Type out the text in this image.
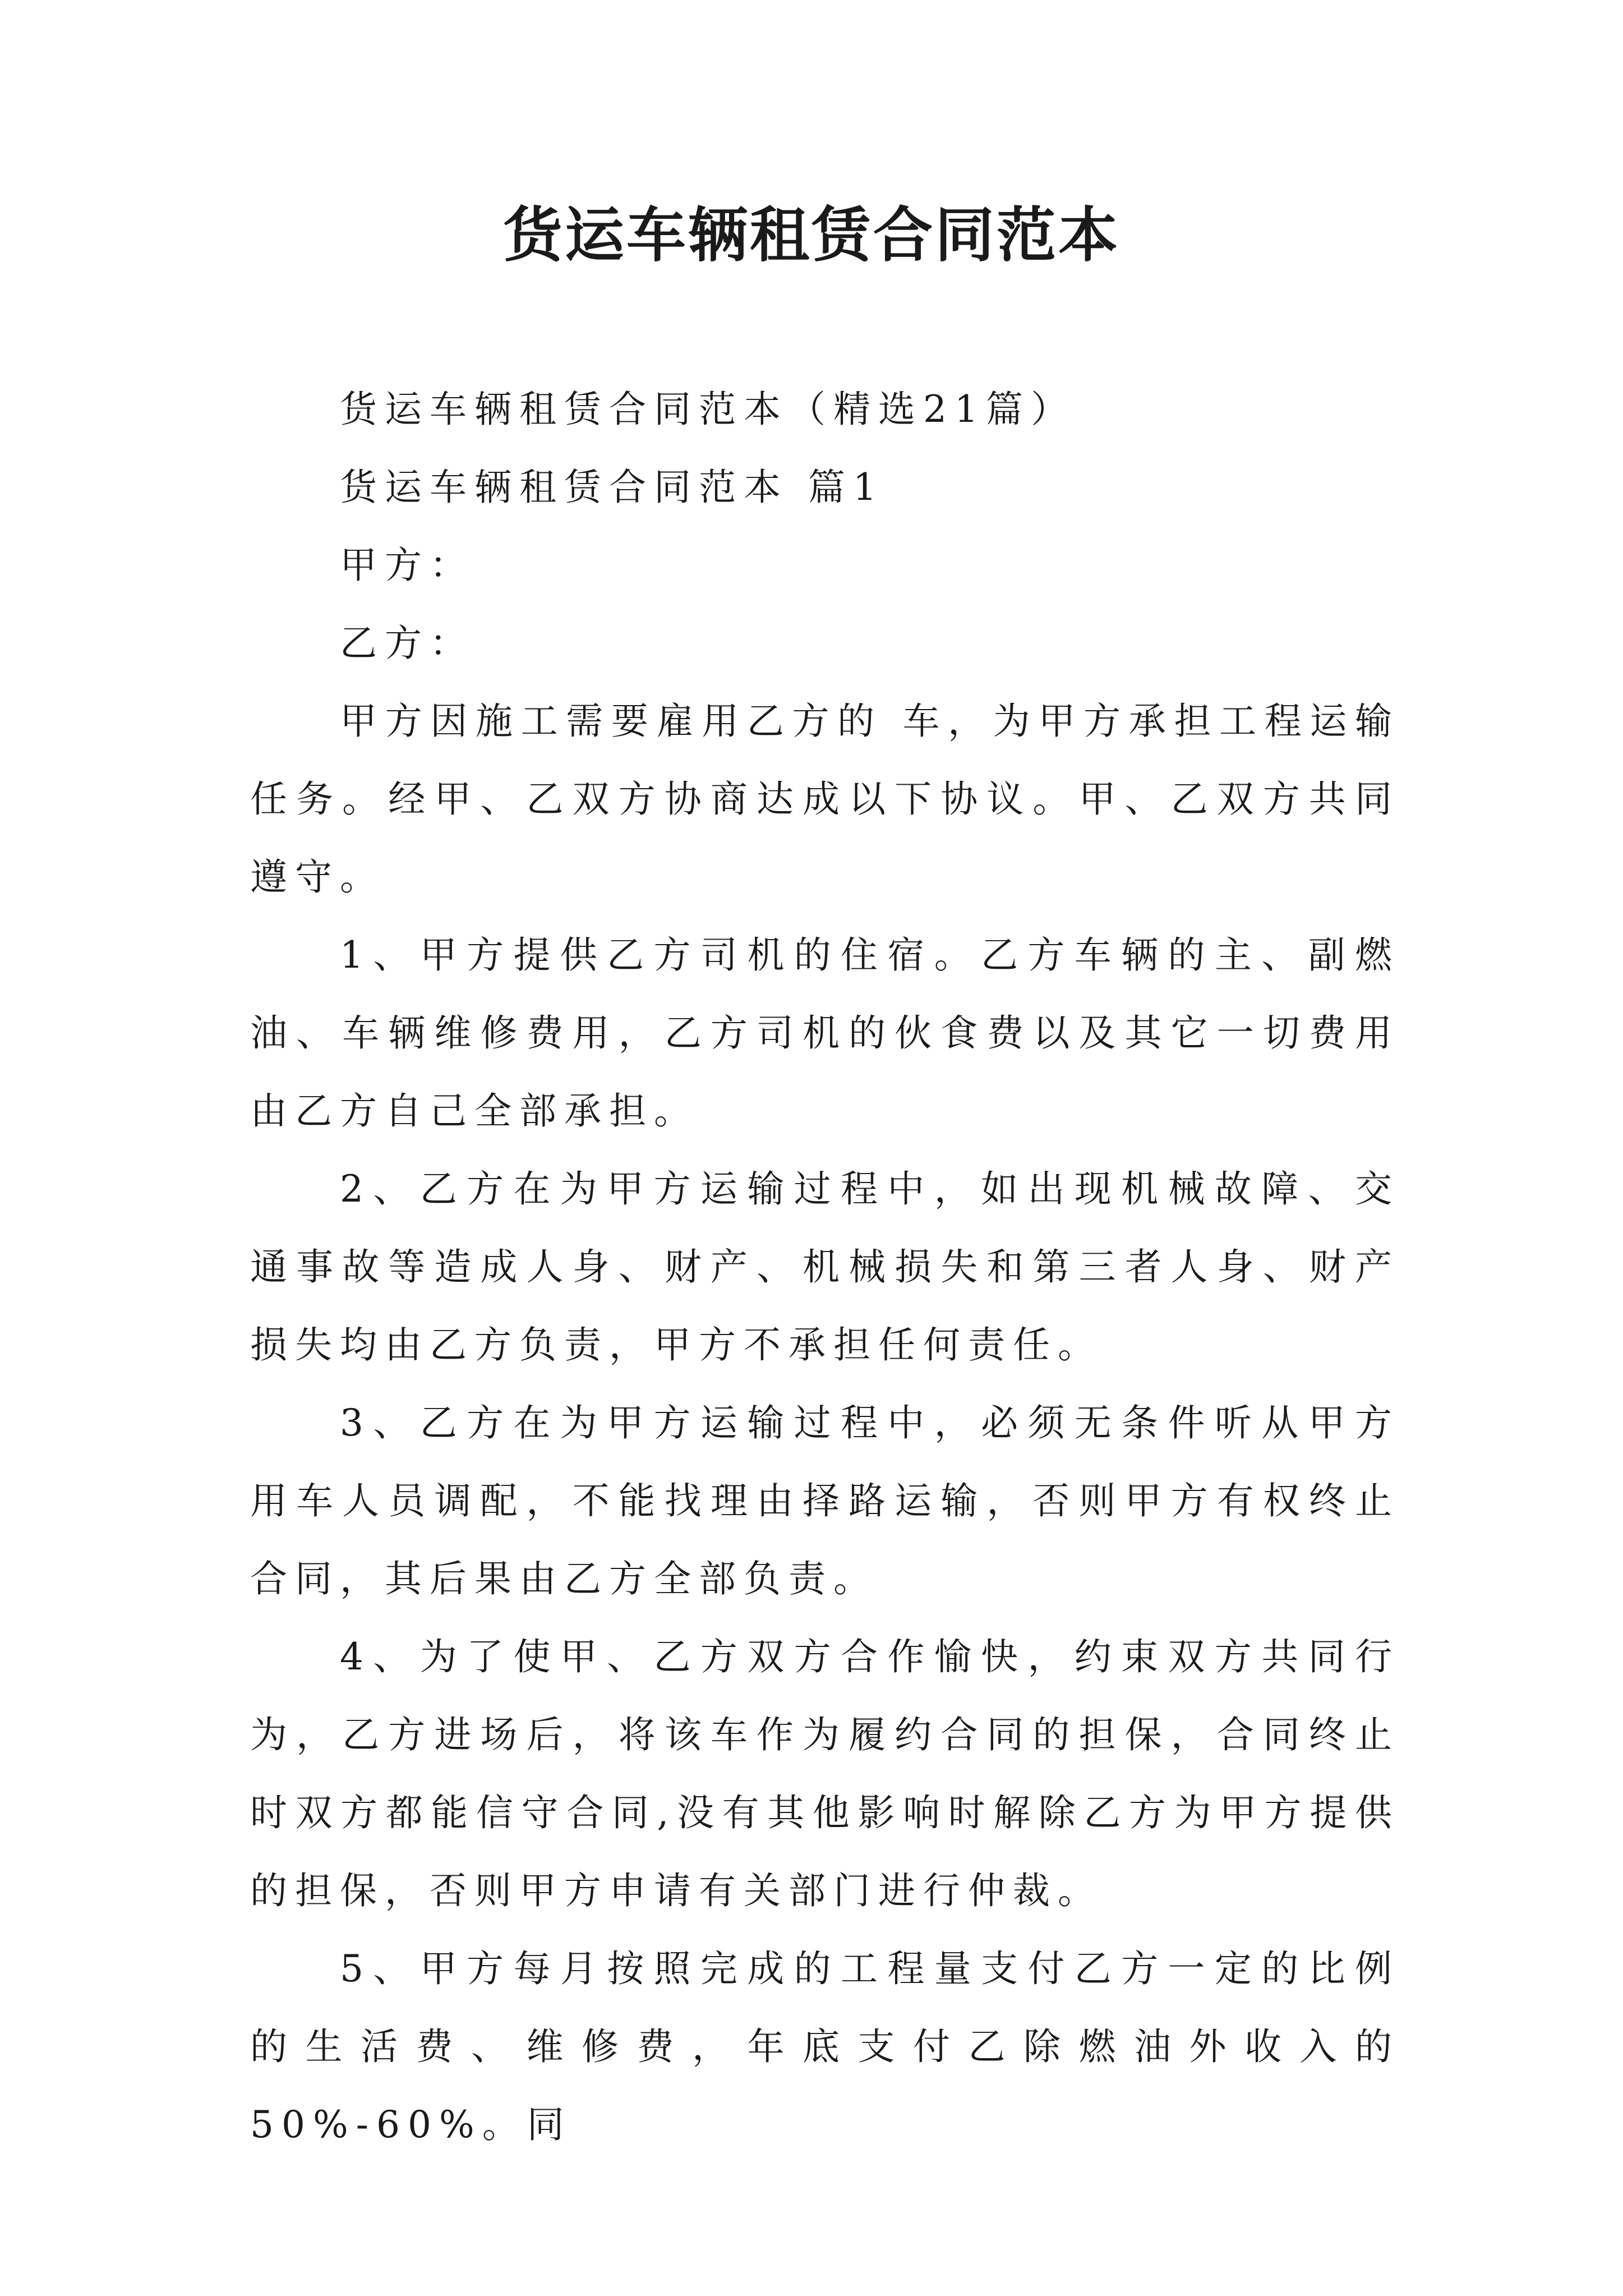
货运车辆租赁合同范本

货运车辆租赁合同范本（精选21篇）

货运车辆租赁合同范本 篇1

甲方：

乙方：

甲方因施工需要雇用乙方的 车，为甲方承担工程运输任务。经甲、乙双方协商达成以下协议。甲、乙双方共同遵守。

1、甲方提供乙方司机的住宿。乙方车辆的主、副燃油、车辆维修费用，乙方司机的伙食费以及其它一切费用由乙方自己全部承担。

2、乙方在为甲方运输过程中，如出现机械故障、交通事故等造成人身、财产、机械损失和第三者人身、财产损失均由乙方负责，甲方不承担任何责任。

3、乙方在为甲方运输过程中，必须无条件听从甲方用车人员调配，不能找理由择路运输，否则甲方有权终止合同，其后果由乙方全部负责。

4、为了使甲、乙方双方合作愉快，约束双方共同行为，乙方进场后，将该车作为履约合同的担保，合同终止时双方都能信守合同,没有其他影响时解除乙方为甲方提供的担保，否则甲方申请有关部门进行仲裁。

5、甲方每月按照完成的工程量支付乙方一定的比例的生活费、维修费，年底支付乙除燃油外收入的50%-60%。同
